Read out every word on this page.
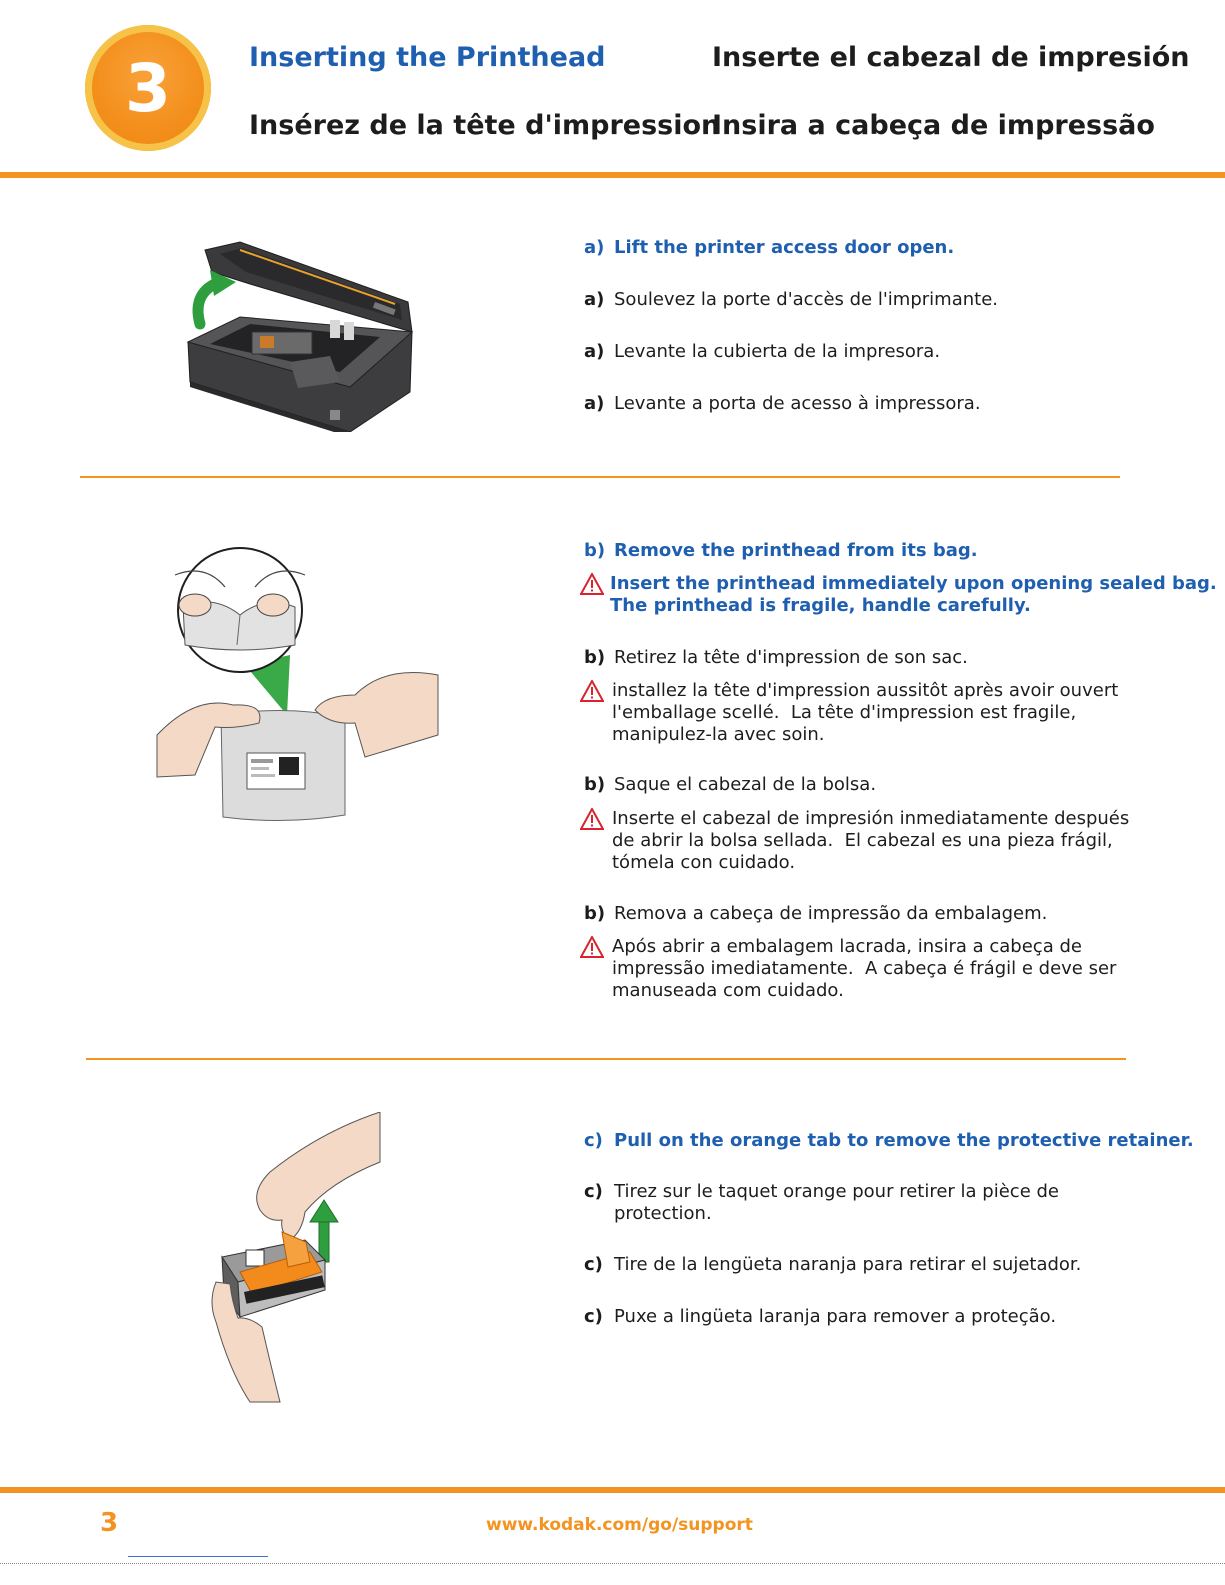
3	Inserting the Printhead	Inserte el cabezal de impresión
Insérez de la tête d'impression
Insira a cabeça de impressão
a) Lift the printer access door open.
a) Soulevez la porte d'accès de l'imprimante.
a) Levante la cubierta de la impresora.
a) Levante a porta de acesso à impressora.
b) Remove the printhead from its bag.
Insert the printhead immediately upon opening sealed bag.
The printhead is fragile, handle carefully.
b) Retirez la tête d'impression de son sac.
installez la tête d'impression aussitôt après avoir ouvert
l'emballage scellé.  La tête d'impression est fragile,
manipulez-la avec soin.
b) Saque el cabezal de la bolsa.
Inserte el cabezal de impresión inmediatamente después
de abrir la bolsa sellada.  El cabezal es una pieza frágil,
tómela con cuidado.
b) Remova a cabeça de impressão da embalagem.
Após abrir a embalagem lacrada, insira a cabeça de
impressão imediatamente.  A cabeça é frágil e deve ser
manuseada com cuidado.
c) Pull on the orange tab to remove the protective retainer.
c) Tirez sur le taquet orange pour retirer la pièce de
protection.
c) Tire de la lengüeta naranja para retirar el sujetador.
c) Puxe a lingüeta laranja para remover a proteção.
3	www.kodak.com/go/support
